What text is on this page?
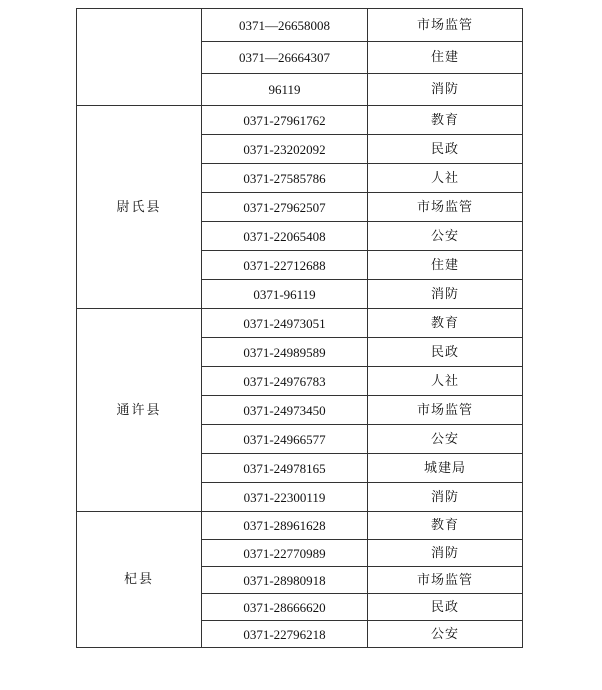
	0371—26658008	市场监管
	0371—26664307	住建
	96119	消防
尉氏县	0371-27961762	教育
	0371-23202092	民政
	0371-27585786	人社
	0371-27962507	市场监管
	0371-22065408	公安
	0371-22712688	住建
	0371-96119	消防
通许县	0371-24973051	教育
	0371-24989589	民政
	0371-24976783	人社
	0371-24973450	市场监管
	0371-24966577	公安
	0371-24978165	城建局
	0371-22300119	消防
杞县	0371-28961628	教育
	0371-22770989	消防
	0371-28980918	市场监管
	0371-28666620	民政
	0371-22796218	公安
